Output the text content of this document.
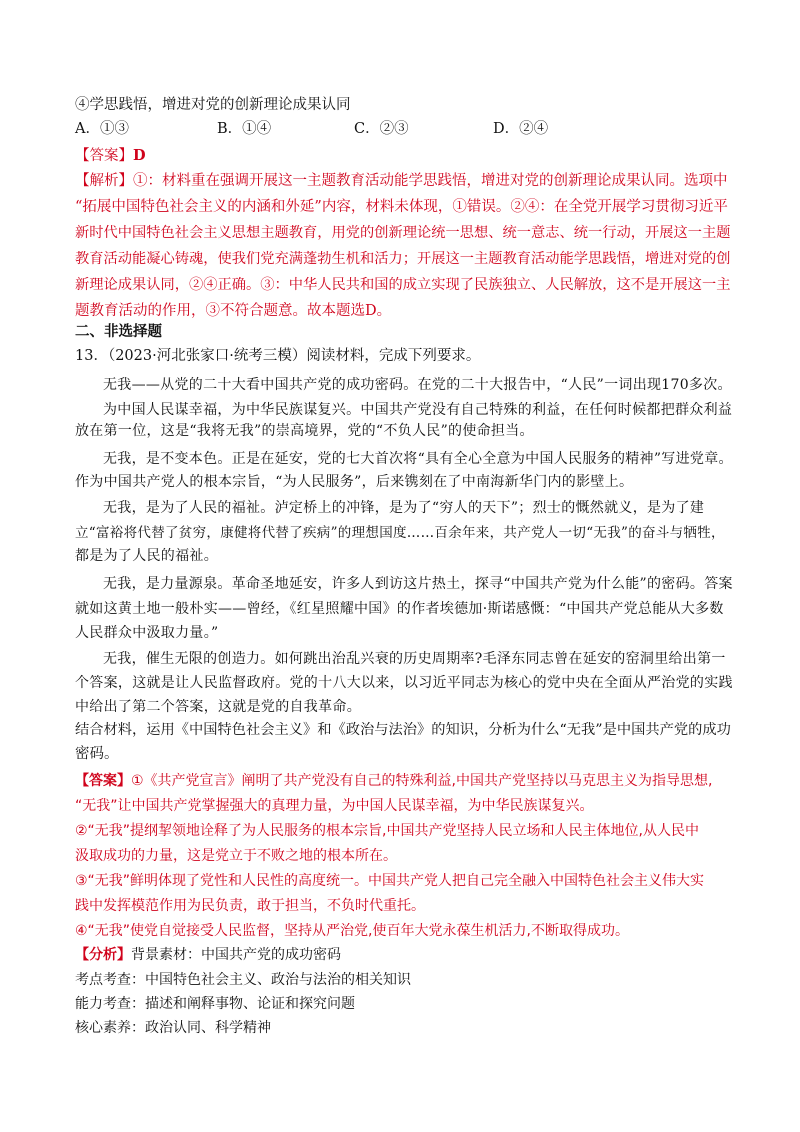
④学思践悟，增进对党的创新理论成果认同
A．①③	B．①④	C．②③	D．②④
【答案】D
【解析】①：材料重在强调开展这一主题教育活动能学思践悟，增进对党的创新理论成果认同。选项中
“拓展中国特色社会主义的内涵和外延”内容，材料未体现，①错误。②④：在全党开展学习贯彻习近平
新时代中国特色社会主义思想主题教育，用党的创新理论统一思想、统一意志、统一行动，开展这一主题
教育活动能凝心铸魂，使我们党充满蓬勃生机和活力；开展这一主题教育活动能学思践悟，增进对党的创
新理论成果认同，②④正确。③：中华人民共和国的成立实现了民族独立、人民解放，这不是开展这一主
题教育活动的作用，③不符合题意。故本题选D。
二、非选择题
13．（2023·河北张家口·统考三模）阅读材料，完成下列要求。
无我——从党的二十大看中国共产党的成功密码。在党的二十大报告中，“人民”一词出现170多次。
为中国人民谋幸福，为中华民族谋复兴。中国共产党没有自己特殊的利益，在任何时候都把群众利益
放在第一位，这是“我将无我”的崇高境界，党的“不负人民”的使命担当。
无我，是不变本色。正是在延安，党的七大首次将“具有全心全意为中国人民服务的精神”写进党章。
作为中国共产党人的根本宗旨，“为人民服务”，后来镌刻在了中南海新华门内的影壁上。
无我，是为了人民的福祉。泸定桥上的冲锋，是为了“穷人的天下”；烈士的慨然就义，是为了建
立“富裕将代替了贫穷，康健将代替了疾病”的理想国度……百余年来，共产党人一切“无我”的奋斗与牺牲，
都是为了人民的福祉。
无我，是力量源泉。革命圣地延安，许多人到访这片热土，探寻“中国共产党为什么能”的密码。答案
就如这黄土地一般朴实——曾经，《红星照耀中国》的作者埃德加·斯诺感慨：“中国共产党总能从大多数
人民群众中汲取力量。”
无我，催生无限的创造力。如何跳出治乱兴衰的历史周期率?毛泽东同志曾在延安的窑洞里给出第一
个答案，这就是让人民监督政府。党的十八大以来，以习近平同志为核心的党中央在全面从严治党的实践
中给出了第二个答案，这就是党的自我革命。
结合材料，运用《中国特色社会主义》和《政治与法治》的知识，分析为什么“无我”是中国共产党的成功
密码。
【答案】①《共产党宣言》阐明了共产党没有自己的特殊利益,中国共产党坚持以马克思主义为指导思想,
“无我”让中国共产党掌握强大的真理力量，为中国人民谋幸福，为中华民族谋复兴。
②“无我”提纲挈领地诠释了为人民服务的根本宗旨,中国共产党坚持人民立场和人民主体地位,从人民中
汲取成功的力量，这是党立于不败之地的根本所在。
③“无我”鲜明体现了党性和人民性的高度统一。中国共产党人把自己完全融入中国特色社会主义伟大实
践中发挥模范作用为民负责，敢于担当，不负时代重托。
④“无我”使党自觉接受人民监督，坚持从严治党,使百年大党永葆生机活力,不断取得成功。
【分析】背景素材：中国共产党的成功密码
考点考查：中国特色社会主义、政治与法治的相关知识
能力考查：描述和阐释事物、论证和探究问题
核心素养：政治认同、科学精神
